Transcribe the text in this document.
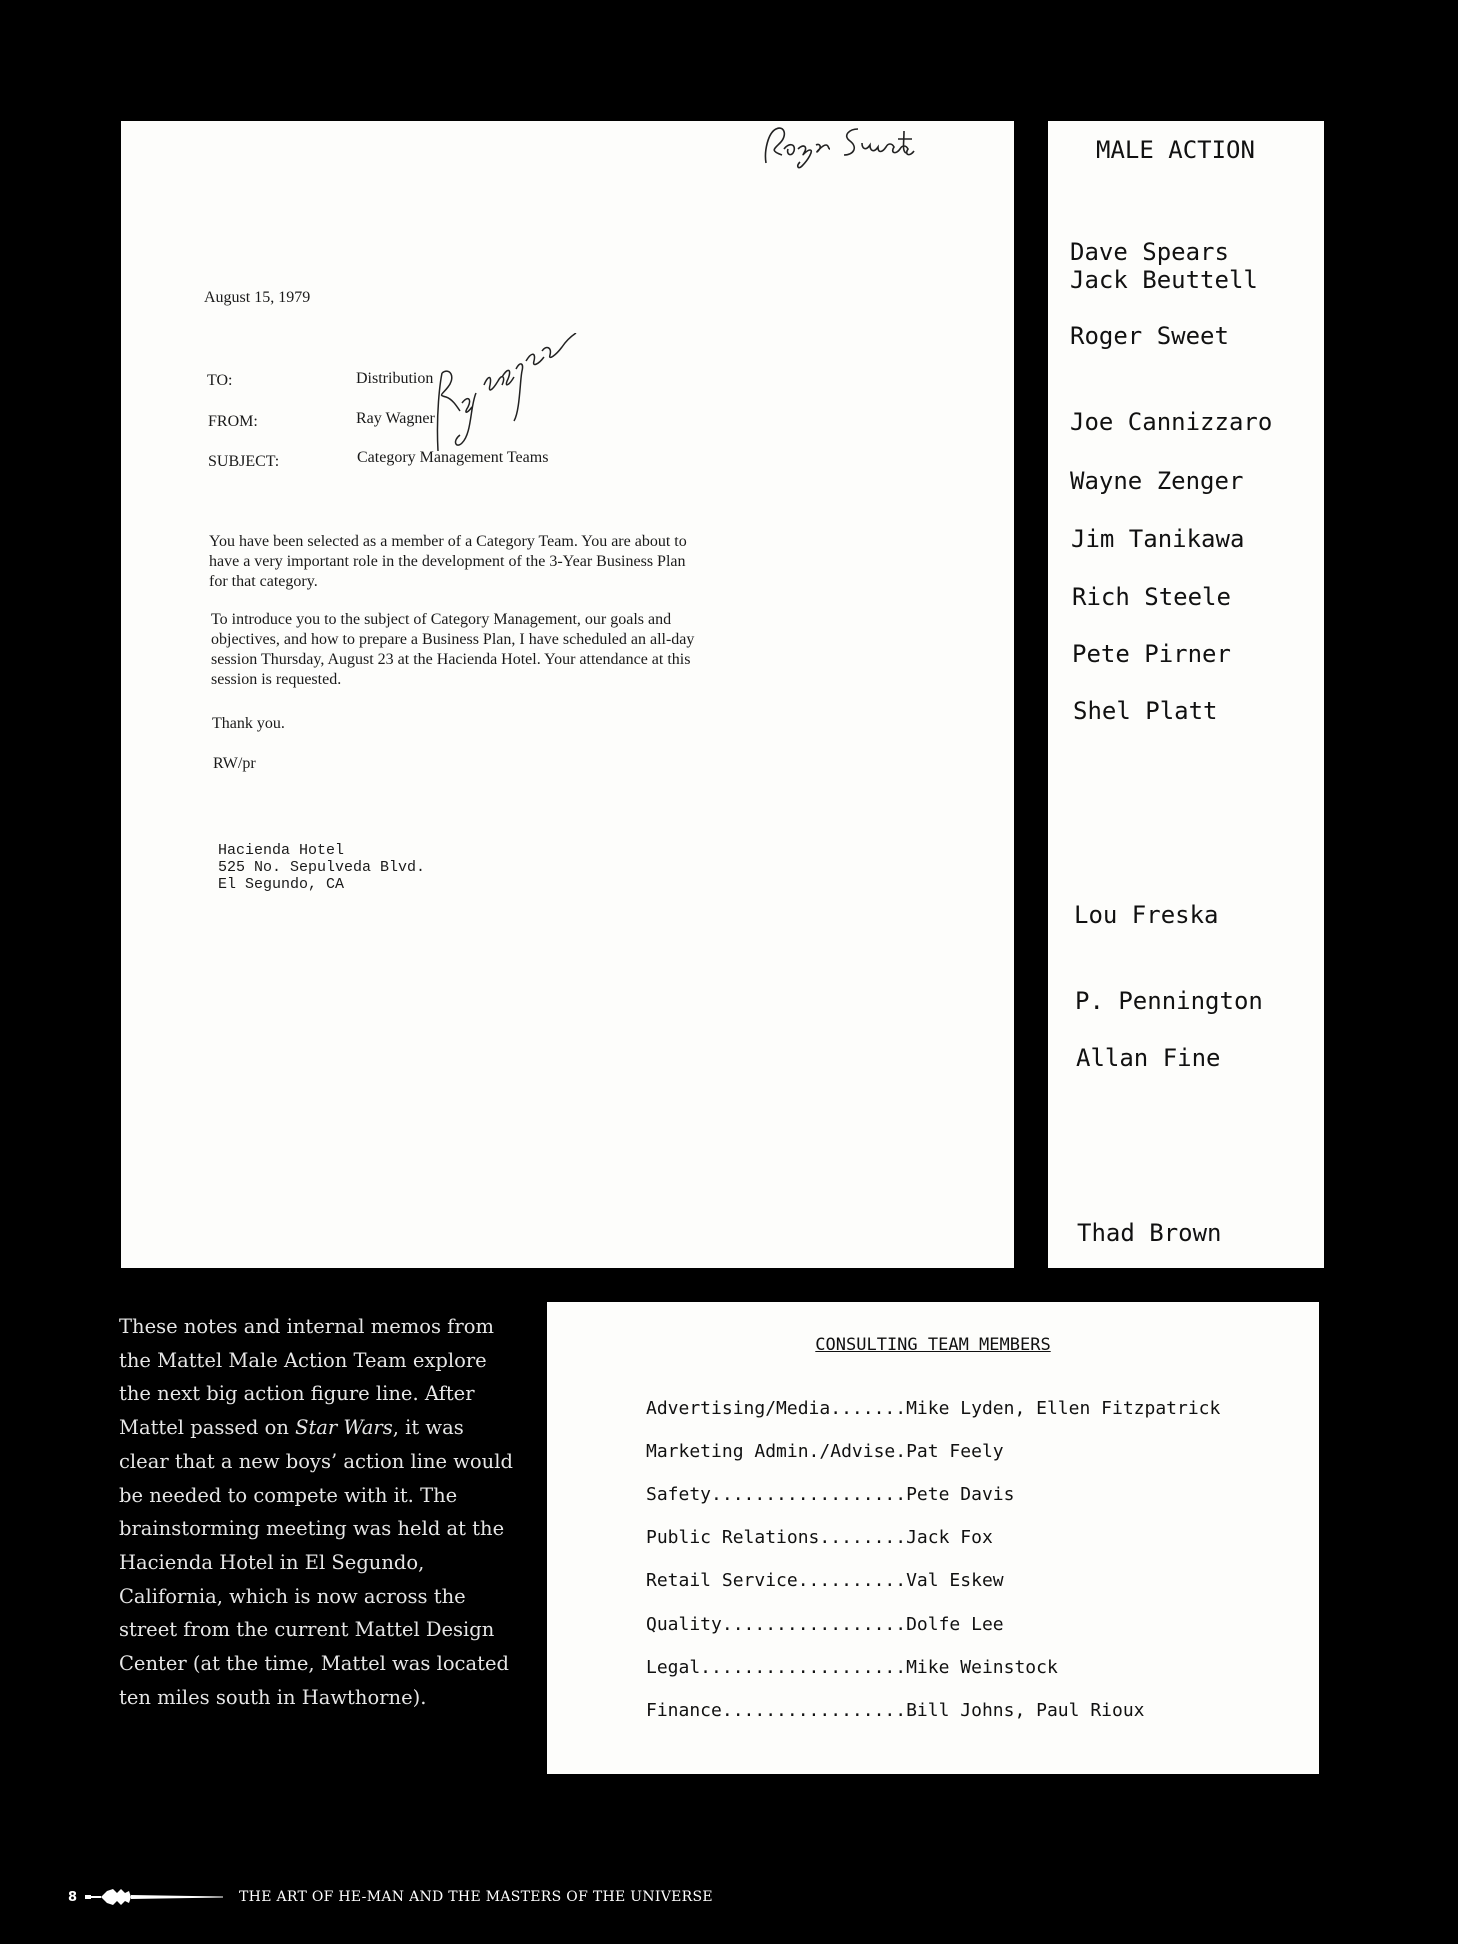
August 15, 1979
TO:	Distribution
FROM:	Ray Wagner
SUBJECT:	Category Management Teams
You have been selected as a member of a Category Team. You are about to
have a very important role in the development of the 3-Year Business Plan
for that category.
To introduce you to the subject of Category Management, our goals and
objectives, and how to prepare a Business Plan, I have scheduled an all-day
session Thursday, August 23 at the Hacienda Hotel. Your attendance at this
session is requested.
Thank you.
RW/pr
Hacienda Hotel
525 No. Sepulveda Blvd.
El Segundo, CA
MALE ACTION
Dave Spears
Jack Beuttell
Roger Sweet
Joe Cannizzaro
Wayne Zenger
Jim Tanikawa
Rich Steele
Pete Pirner
Shel Platt
Lou Freska
P. Pennington
Allan Fine
Thad Brown
These notes and internal memos from the Mattel Male Action Team explore the next big action figure line. After Mattel passed on Star Wars, it was clear that a new boys’ action line would be needed to compete with it. The brainstorming meeting was held at the Hacienda Hotel in El Segundo, California, which is now across the street from the current Mattel Design Center (at the time, Mattel was located ten miles south in Hawthorne).
CONSULTING TEAM MEMBERS
Advertising/Media.......Mike Lyden, Ellen Fitzpatrick
Marketing Admin./Advise.Pat Feely
Safety..................Pete Davis
Public Relations........Jack Fox
Retail Service..........Val Eskew
Quality.................Dolfe Lee
Legal...................Mike Weinstock
Finance.................Bill Johns, Paul Rioux
8	THE ART OF HE-MAN AND THE MASTERS OF THE UNIVERSE
